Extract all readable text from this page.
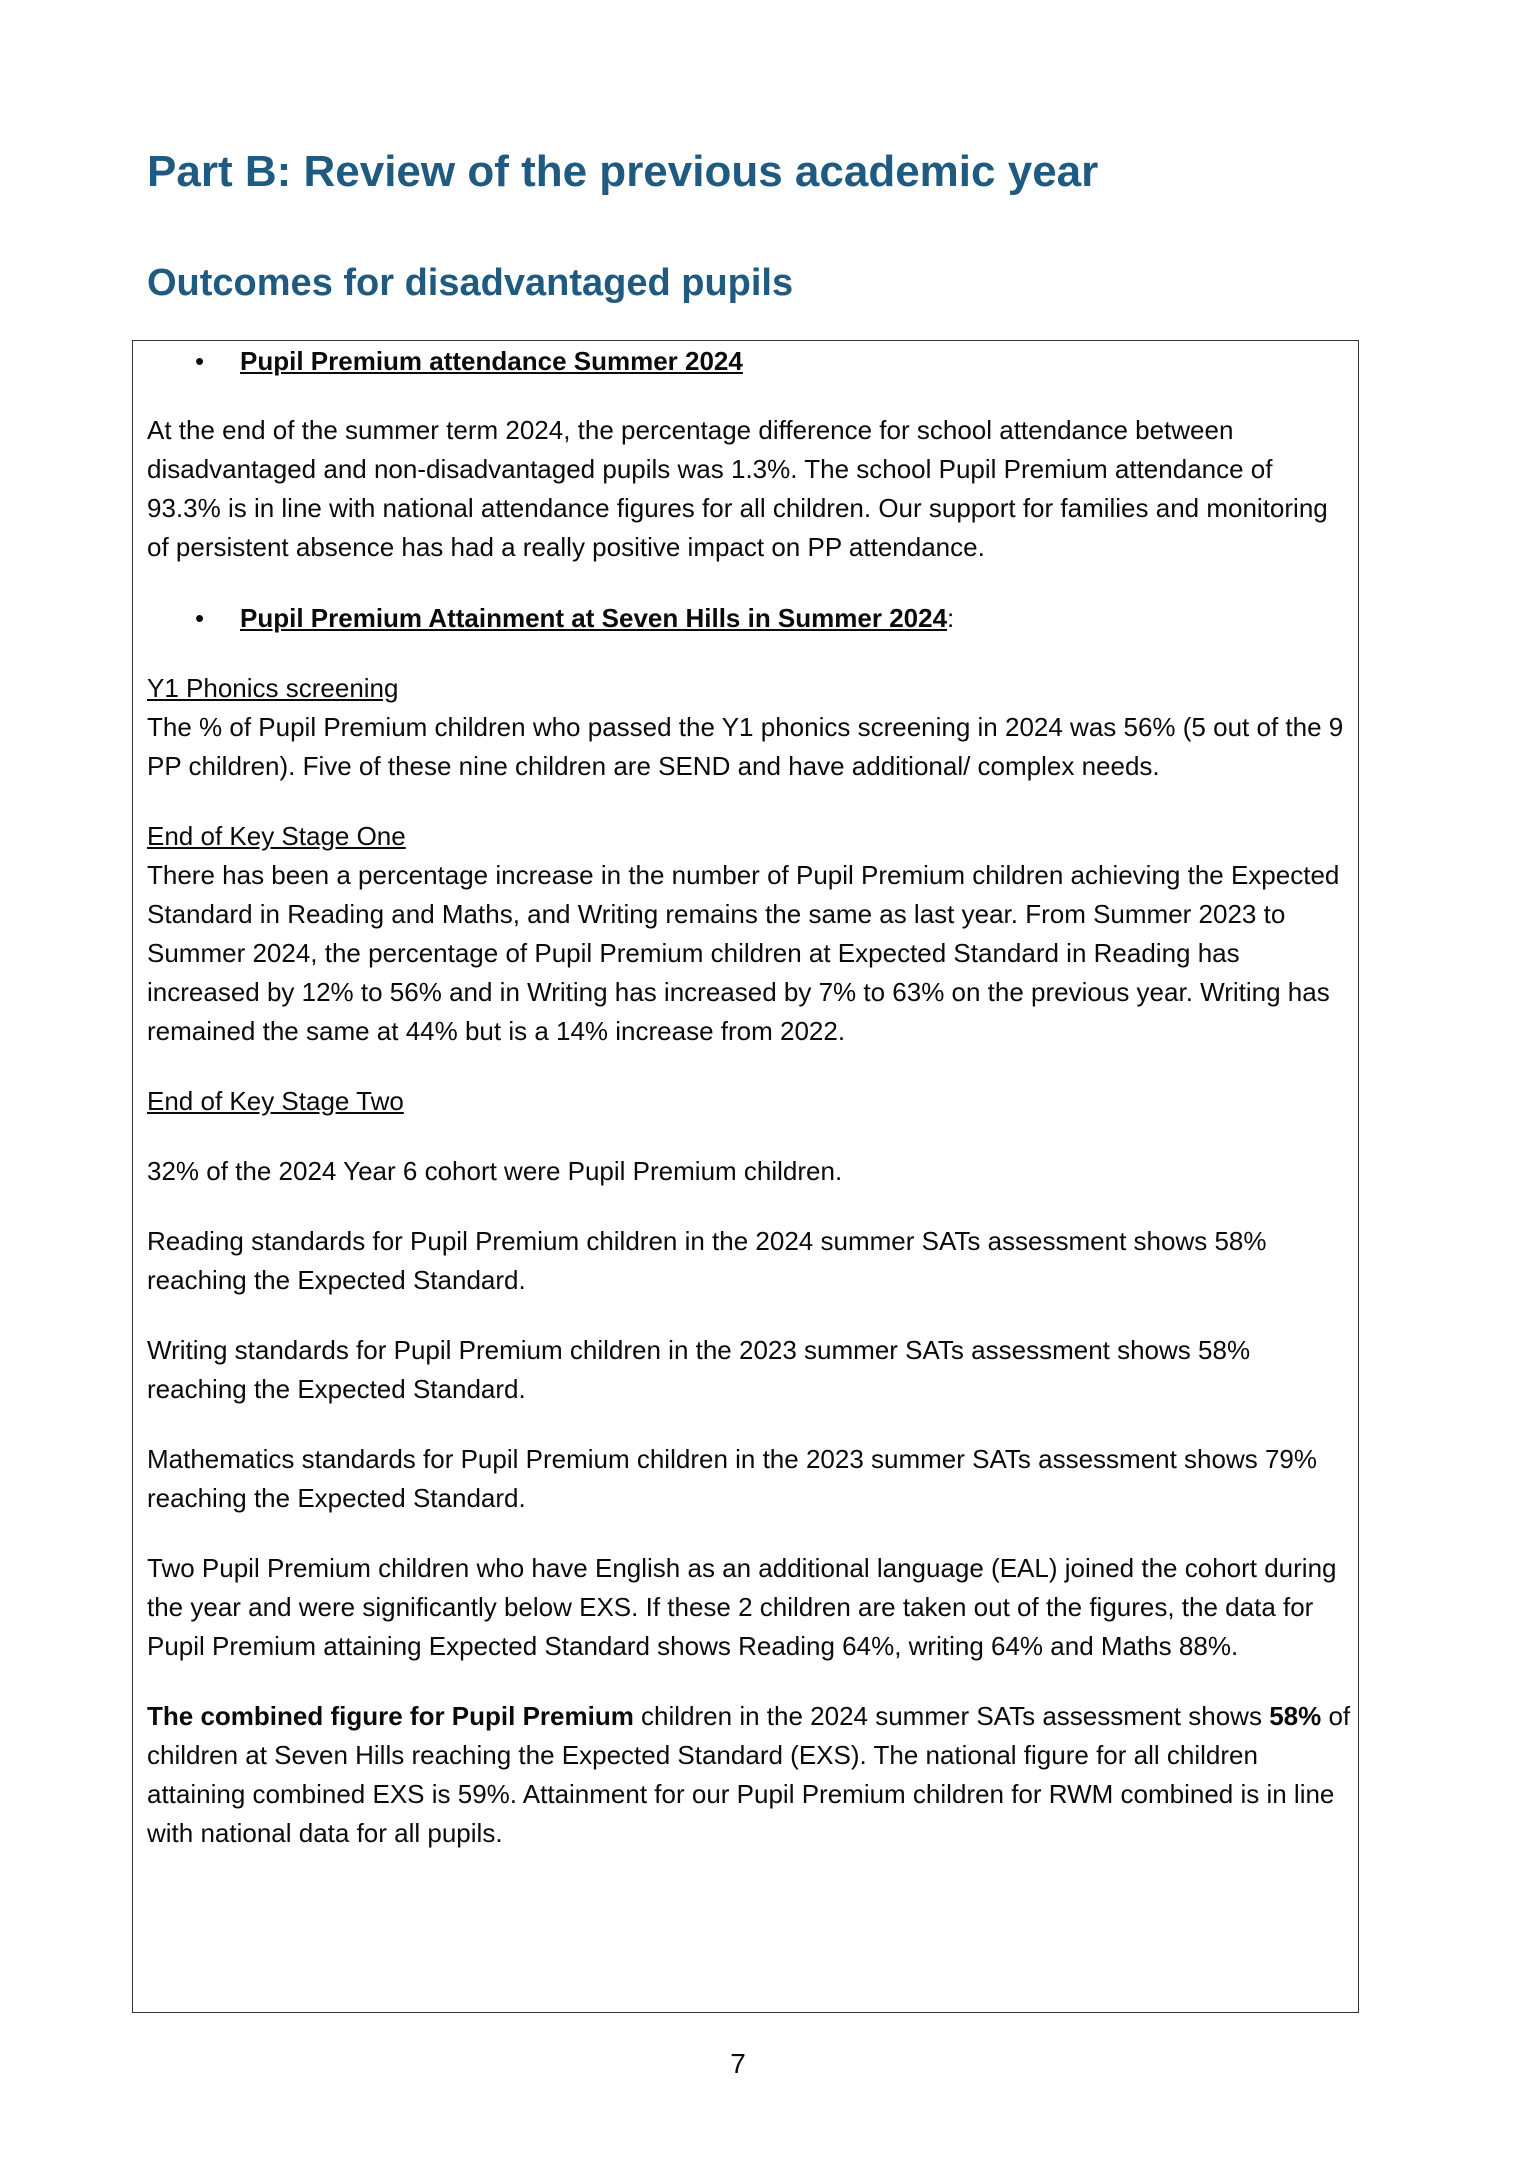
Part B: Review of the previous academic year
Outcomes for disadvantaged pupils
• Pupil Premium attendance Summer 2024

At the end of the summer term 2024, the percentage difference for school attendance between disadvantaged and non-disadvantaged pupils was 1.3%. The school Pupil Premium attendance of 93.3% is in line with national attendance figures for all children. Our support for families and monitoring of persistent absence has had a really positive impact on PP attendance.

• Pupil Premium Attainment at Seven Hills in Summer 2024:

Y1 Phonics screening

The % of Pupil Premium children who passed the Y1 phonics screening in 2024 was 56% (5 out of the 9 PP children). Five of these nine children are SEND and have additional/ complex needs.

End of Key Stage One

There has been a percentage increase in the number of Pupil Premium children achieving the Expected Standard in Reading and Maths, and Writing remains the same as last year. From Summer 2023 to Summer 2024, the percentage of Pupil Premium children at Expected Standard in Reading has increased by 12% to 56% and in Writing has increased by 7% to 63% on the previous year. Writing has remained the same at 44% but is a 14% increase from 2022.

End of Key Stage Two

32% of the 2024 Year 6 cohort were Pupil Premium children.

Reading standards for Pupil Premium children in the 2024 summer SATs assessment shows 58% reaching the Expected Standard.

Writing standards for Pupil Premium children in the 2023 summer SATs assessment shows 58% reaching the Expected Standard.

Mathematics standards for Pupil Premium children in the 2023 summer SATs assessment shows 79% reaching the Expected Standard.

Two Pupil Premium children who have English as an additional language (EAL) joined the cohort during the year and were significantly below EXS. If these 2 children are taken out of the figures, the data for Pupil Premium attaining Expected Standard shows Reading 64%, writing 64% and Maths 88%.

The combined figure for Pupil Premium children in the 2024 summer SATs assessment shows 58% of children at Seven Hills reaching the Expected Standard (EXS). The national figure for all children attaining combined EXS is 59%. Attainment for our Pupil Premium children for RWM combined is in line with national data for all pupils.

7
